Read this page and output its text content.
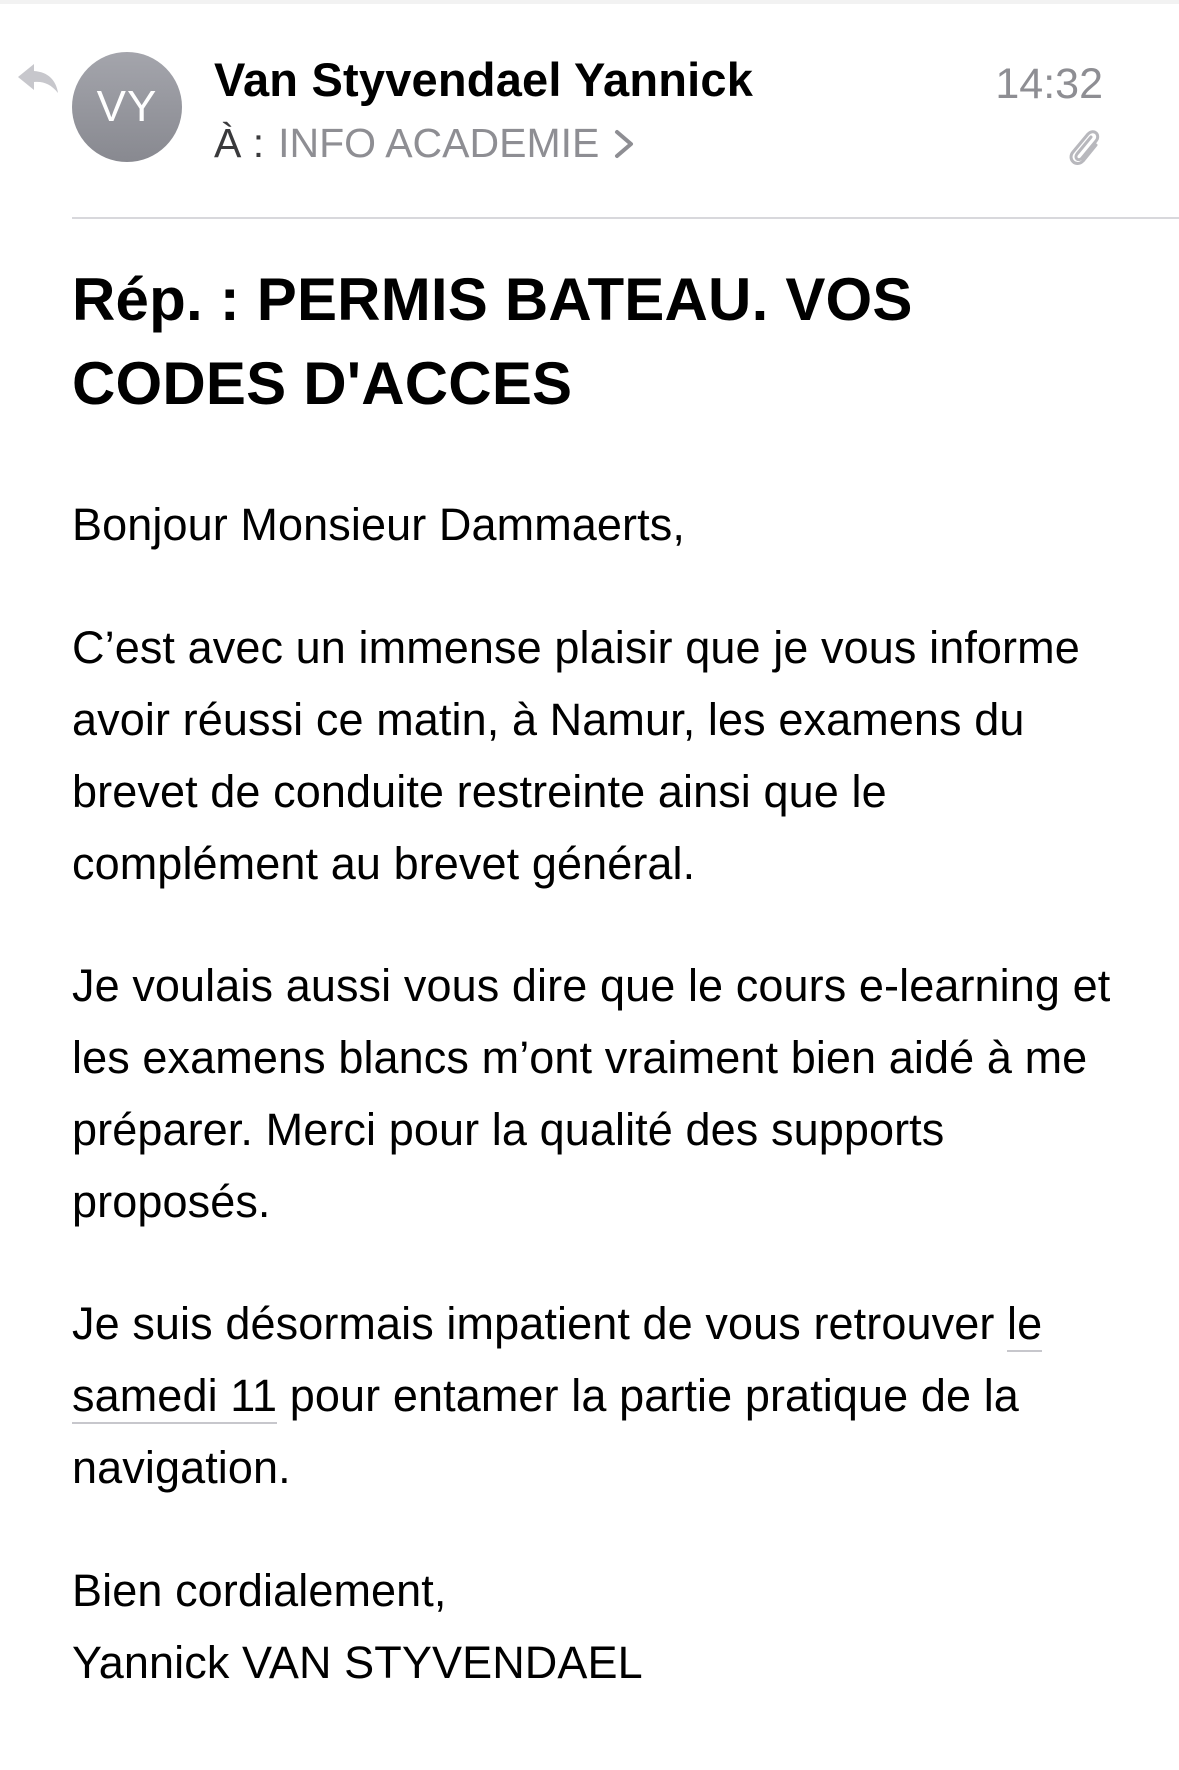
VY
Van Styvendael Yannick	14:32
À : INFO ACADEMIE
Rép. : PERMIS BATEAU. VOS CODES D'ACCES
Bonjour Monsieur Dammaerts,
C’est avec un immense plaisir que je vous informe avoir réussi ce matin, à Namur, les examens du brevet de conduite restreinte ainsi que le complément au brevet général.
Je voulais aussi vous dire que le cours e-learning et les examens blancs m’ont vraiment bien aidé à me préparer. Merci pour la qualité des supports proposés.
Je suis désormais impatient de vous retrouver le samedi 11 pour entamer la partie pratique de la navigation.
Bien cordialement,
Yannick VAN STYVENDAEL
